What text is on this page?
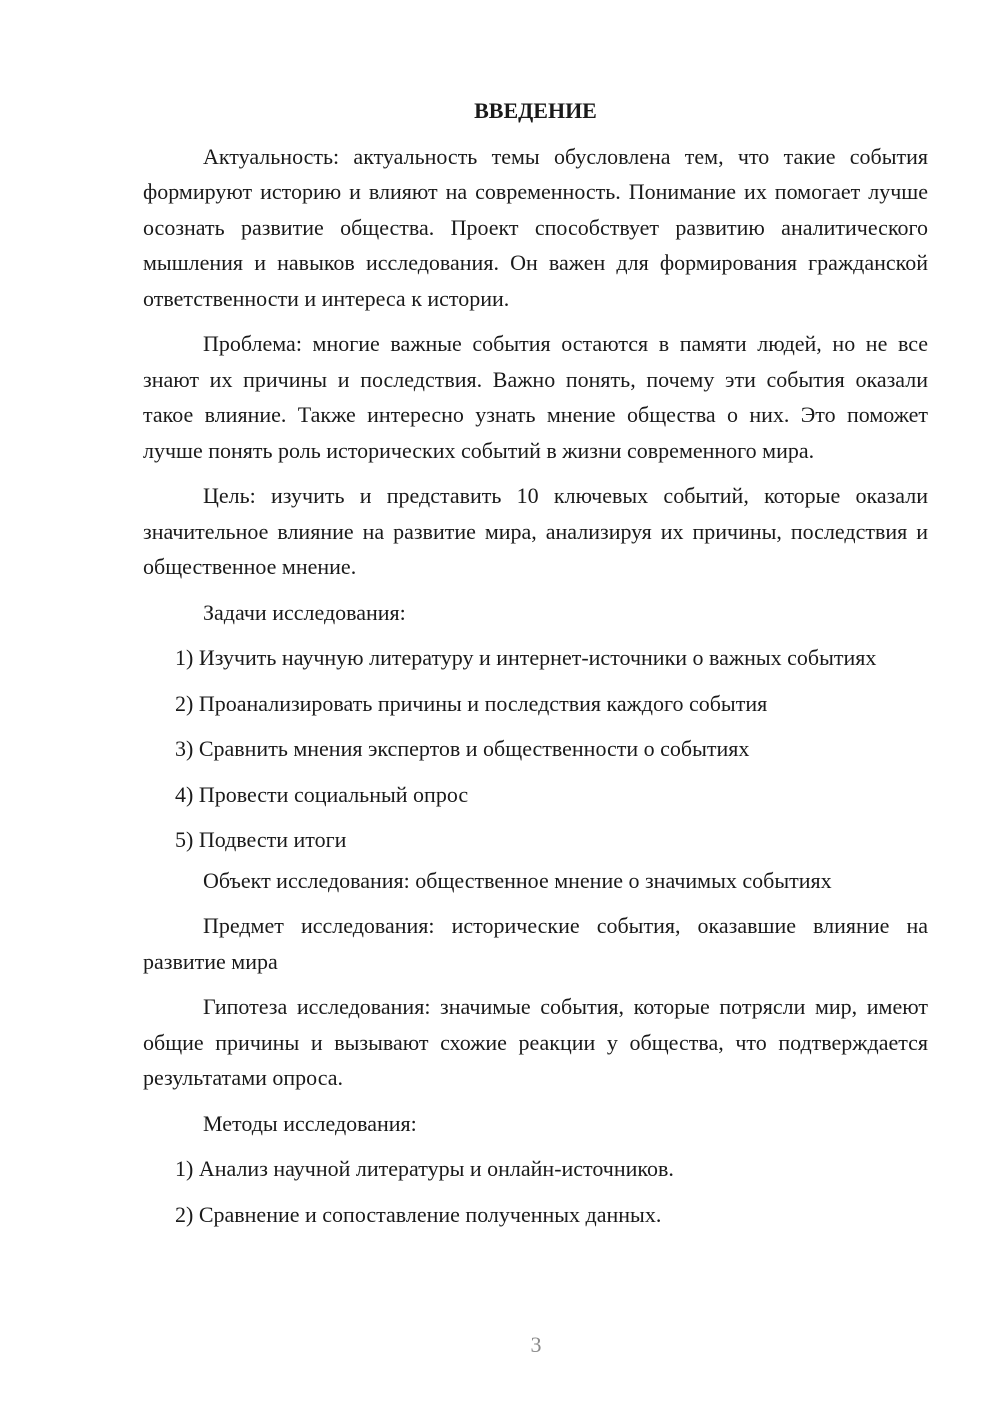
ВВЕДЕНИЕ

Актуальность: актуальность темы обусловлена тем, что такие события формируют историю и влияют на современность. Понимание их помогает лучше осознать развитие общества. Проект способствует развитию аналитического мышления и навыков исследования. Он важен для формирования гражданской ответственности и интереса к истории.

Проблема: многие важные события остаются в памяти людей, но не все знают их причины и последствия. Важно понять, почему эти события оказали такое влияние. Также интересно узнать мнение общества о них. Это поможет лучше понять роль исторических событий в жизни современного мира.

Цель: изучить и представить 10 ключевых событий, которые оказали значительное влияние на развитие мира, анализируя их причины, последствия и общественное мнение.

Задачи исследования:

1) Изучить научную литературу и интернет-источники о важных событиях

2) Проанализировать причины и последствия каждого события

3) Сравнить мнения экспертов и общественности о событиях

4) Провести социальный опрос

5) Подвести итоги

Объект исследования: общественное мнение о значимых событиях

Предмет исследования: исторические события, оказавшие влияние на развитие мира

Гипотеза исследования: значимые события, которые потрясли мир, имеют общие причины и вызывают схожие реакции у общества, что подтверждается результатами опроса.

Методы исследования:

1) Анализ научной литературы и онлайн-источников.

2) Сравнение и сопоставление полученных данных.

3
